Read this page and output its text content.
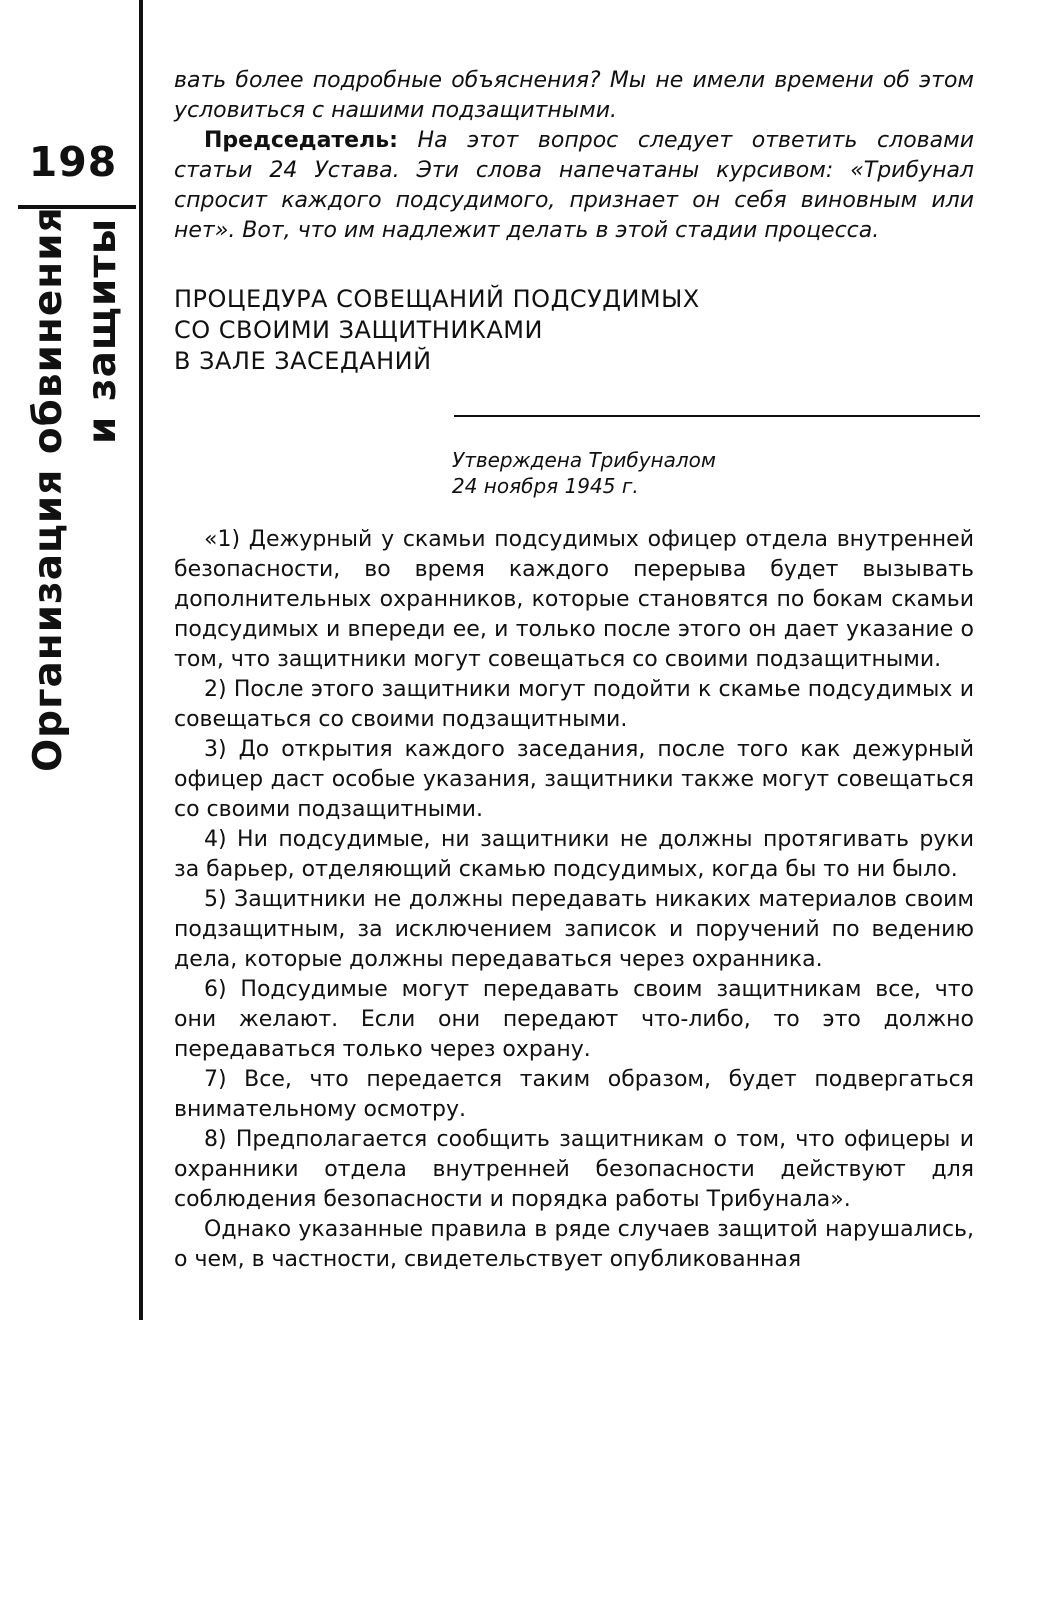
198
Организация обвинения и защиты

вать более подробные объяснения? Мы не имели времени об этом условиться с нашими подзащитными.

Председатель: На этот вопрос следует ответить словами статьи 24 Устава. Эти слова напечатаны курсивом: «Трибунал спросит каждого подсудимого, признает он себя виновным или нет». Вот, что им надлежит делать в этой стадии процесса.

ПРОЦЕДУРА СОВЕЩАНИЙ ПОДСУДИМЫХ
СО СВОИМИ ЗАЩИТНИКАМИ
В ЗАЛЕ ЗАСЕДАНИЙ
Утверждена Трибуналом
24 ноября 1945 г.

«1) Дежурный у скамьи подсудимых офицер отдела внутренней безопасности, во время каждого перерыва будет вызывать дополнительных охранников, которые становятся по бокам скамьи подсудимых и впереди ее, и только после этого он дает указание о том, что защитники могут совещаться со своими подзащитными.

2) После этого защитники могут подойти к скамье подсудимых и совещаться со своими подзащитными.

3) До открытия каждого заседания, после того как дежурный офицер даст особые указания, защитники также могут совещаться со своими подзащитными.

4) Ни подсудимые, ни защитники не должны протягивать руки за барьер, отделяющий скамью подсудимых, когда бы то ни было.

5) Защитники не должны передавать никаких материалов своим подзащитным, за исключением записок и поручений по ведению дела, которые должны передаваться через охранника.

6) Подсудимые могут передавать своим защитникам все, что они желают. Если они передают что-либо, то это должно передаваться только через охрану.

7) Все, что передается таким образом, будет подвергаться внимательному осмотру.

8) Предполагается сообщить защитникам о том, что офицеры и охранники отдела внутренней безопасности действуют для соблюдения безопасности и порядка работы Трибунала».

Однако указанные правила в ряде случаев защитой нарушались, о чем, в частности, свидетельствует опубликованная
